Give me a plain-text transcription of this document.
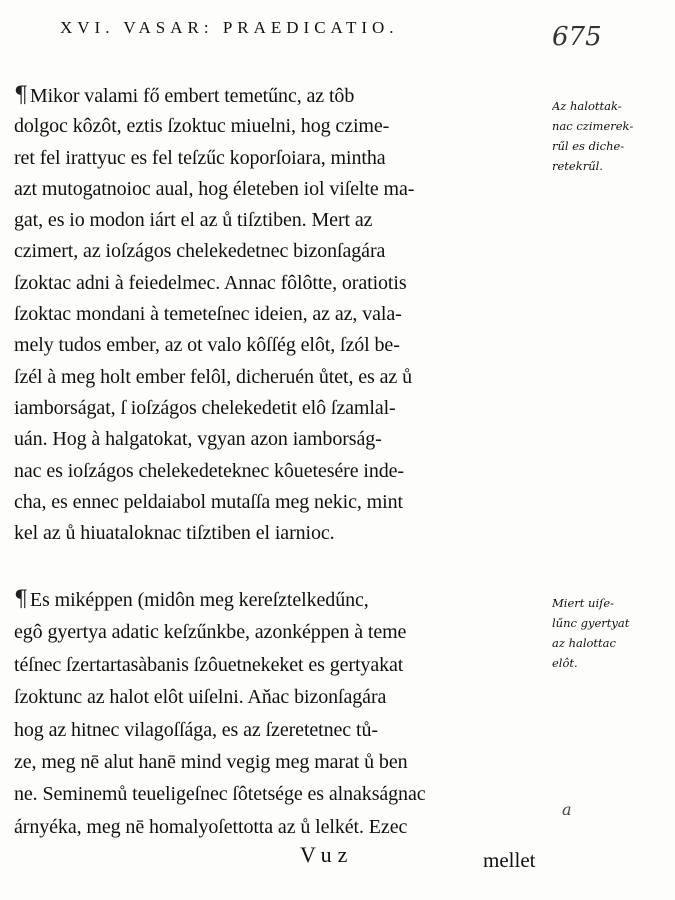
XVI. VASAR: PRAEDICATIO.	675
¶ Mikor valami fő embert temetűnc, az tôb
dolgoc kôzôt, eztis ſzoktuc miuelni, hog czime-
ret fel irattyuc es fel teſzűc koporſoiara, mintha
azt mutogatnoioc aual, hog életeben iol viſelte ma-
gat, es io modon iárt el az ů tiſztiben. Mert az
czimert, az ioſzágos chelekedetnec bizonſagára
ſzoktac adni à feiedelmec. Annac fôlôtte, oratiotis
ſzoktac mondani à temeteſnec ideien, az az, vala-
mely tudos ember, az ot valo kôſſég elôt, ſzól be-
ſzél à meg holt ember felôl, dicheruén ůtet, es az ů
iamborságat, ſ ioſzágos chelekedetit elô ſzamlal-
uán. Hog à halgatokat, vgyan azon iamborság-
nac es ioſzágos chelekedeteknec kôuetesére inde-
cha, es ennec peldaiabol mutaſſa meg nekic, mint
kel az ů hiuataloknac tiſztiben el iarnioc.
Az halottak-
nac czimerek-
rűl es diche-
retekrűl.
¶ Es miképpen (midôn meg kereſztelkedűnc,
egô gyertya adatic keſzűnkbe, azonképpen à teme
téſnec ſzertartasàbanis ſzôuetnekeket es gertyakat
ſzoktunc az halot elôt uiſelni. Aňac bizonſagára
hog az hitnec vilagoſſága, es az ſzeretetnec tů-
ze, meg nē alut hanē mind vegig meg marat ů ben
ne. Seminemů teueligeſnec ſôtetsége es alnakságnac
árnyéka, meg nē homalyoſettotta az ů lelkét. Ezec
Miert uiſe-
lűnc gyertyat
az halottac
elôt.
a
Vuz	mellet
